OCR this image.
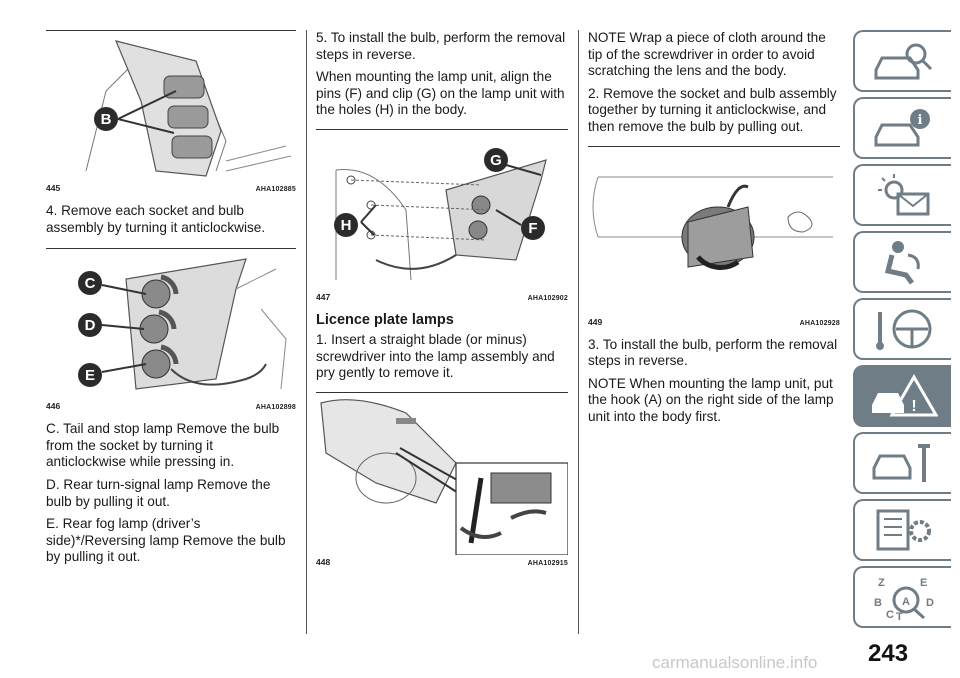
B
445	AHA102885

4. Remove each socket and bulb assembly by turning it anticlockwise.

C
D
E
446	AHA102898

C. Tail and stop lamp Remove the bulb from the socket by turning it anticlockwise while pressing in.

D. Rear turn-signal lamp Remove the bulb by pulling it out.

E. Rear fog lamp (driver’s side)*/Reversing lamp Remove the bulb by pulling it out.

5. To install the bulb, perform the removal steps in reverse.

When mounting the lamp unit, align the pins (F) and clip (G) on the lamp unit with the holes (H) in the body.

G
H	F
447	AHA102902
Licence plate lamps

1. Insert a straight blade (or minus) screwdriver into the lamp assembly and pry gently to remove it.

448	AHA102915

NOTE Wrap a piece of cloth around the tip of the screwdriver in order to avoid scratching the lens and the body.

2. Remove the socket and bulb assembly together by turning it anticlockwise, and then remove the bulb by pulling out.

449	AHA102928

3. To install the bulb, perform the removal steps in reverse.

NOTE When mounting the lamp unit, put the hook (A) on the right side of the lamp unit into the body first.

i
!
Z	E
A
B
C T
D
243
carmanualsonline.info
